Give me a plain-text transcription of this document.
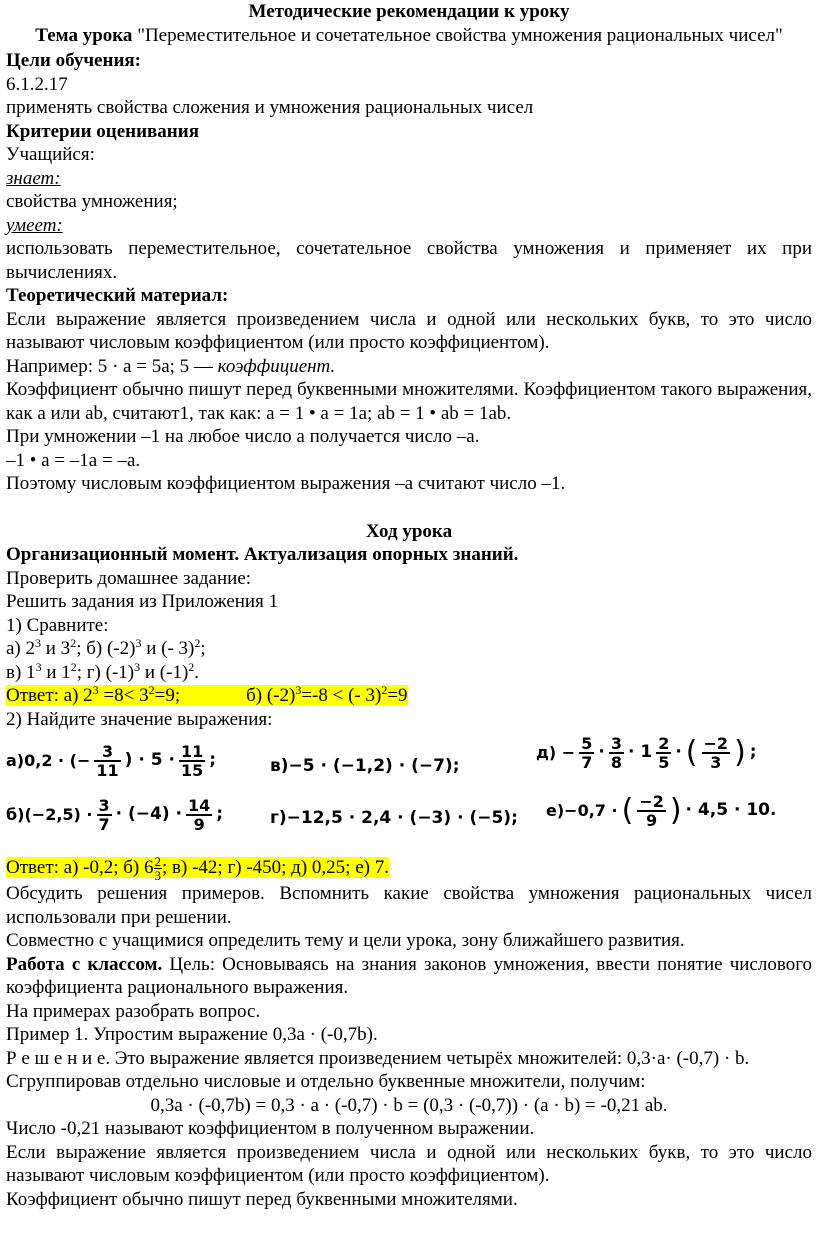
Методические рекомендации к уроку

Тема урока "Переместительное и сочетательное свойства умножения рациональных чисел"

Цели обучения:

6.1.2.17

применять свойства сложения и умножения рациональных чисел

Критерии оценивания

Учащийся:

знает:

свойства умножения;

умеет:

использовать переместительное, сочетательное свойства умножения и применяет их при вычислениях.

Теоретический материал:

Если выражение является произведением числа и одной или нескольких букв, то это число называют числовым коэффициентом (или просто коэффициентом).

Например: 5 · a = 5a; 5 — коэффициент.

Коэффициент обычно пишут перед буквенными множителями. Коэффициентом такого выражения, как a или ab, считают1, так как: a = 1 • a = 1a; ab = 1 • ab = 1ab.

При умножении –1 на любое число a получается число –a.

–1 • a = –1a = –a.

Поэтому числовым коэффициентом выражения –a считают число –1.

Ход урока

Организационный момент. Актуализация опорных знаний.

Проверить домашнее задание:

Решить задания из Приложения 1

1) Сравните:

а) $2^3$ и $3^2$; б) $(-2)^3$ и (- 3)$^2$;

в) $1^3$ и $1^2$; г) $(-1)^3$ и $(-1)^2$.

Ответ: а) $2^3 =8< 3^2=9$;	б) $(-2)^3=-8$ < (- 3)$^2$=9

2) Найдите значение выражения:

а)0,2 · (− $\frac{3}{11}$ ) · $5 \cdot \frac{11}{15}$ ;
$б)(-2,5) \cdot \frac{3}{7} \cdot (-4) \cdot \frac{14}{9}$ ;
в)−5 · (−1,2) · (−7);
г)−12,5 · 2,4 · (−3) · (−5);
$д) - \frac{5}{7} \cdot \frac{3}{8} \cdot 1 \frac{2}{5}$ · ( $\frac{-2}{3}$ ) ;
е)−0,7 · ( $\frac{-2}{9}$ ) · 4,5 · 10.

Ответ: а) -0,2; б) $6 \frac{2}{3}$ ; в) -42; г) -450; д) 0,25; е) 7.

Обсудить решения примеров. Вспомнить какие свойства умножения рациональных чисел использовали при решении.

Совместно с учащимися определить тему и цели урока, зону ближайшего развития.

Работа с классом. Цель: Основываясь на знания законов умножения, ввести понятие числового коэффициента рационального выражения.

На примерах разобрать вопрос.

Пример 1. Упростим выражение 0,3a · (-0,7b).

Р е ш е н и е. Это выражение является произведением четырёх множителей: 0,3·a· (-0,7) · b.

Сгруппировав отдельно числовые и отдельно буквенные множители, получим:

0,3a · (-0,7b) = 0,3 · a · (-0,7) · b = (0,3 · (-0,7)) · (a · b) = -0,21 ab.

Число -0,21 называют коэффициентом в полученном выражении.

Если выражение является произведением числа и одной или нескольких букв, то это число называют числовым коэффициентом (или просто коэффициентом).

Коэффициент обычно пишут перед буквенными множителями.
